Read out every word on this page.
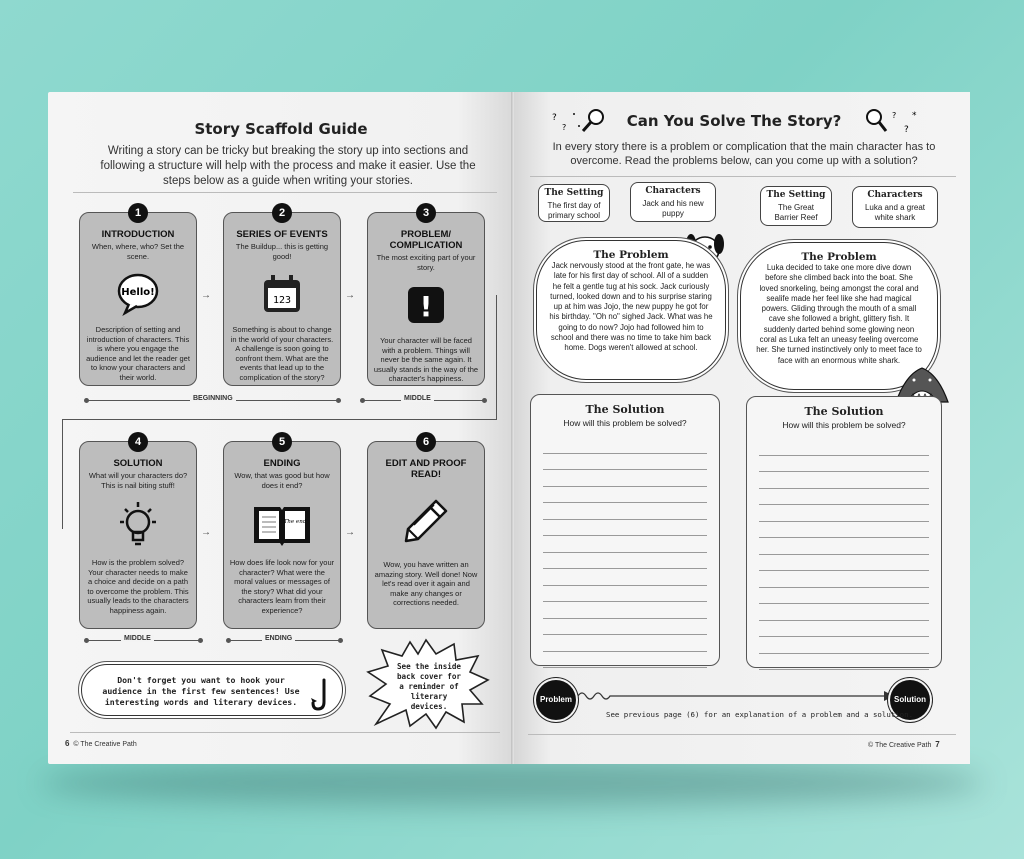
Story Scaffold Guide
Writing a story can be tricky but breaking the story up into sections and following a structure will help with the process and make it easier. Use the steps below as a guide when writing your stories.
1
INTRODUCTION
When, where, who? Set the scene.
Hello!
Description of setting and introduction of characters. This is where you engage the audience and let the reader get to know your characters and their world.
→
2
SERIES OF EVENTS
The Buildup... this is getting good!
123
Something is about to change in the world of your characters. A challenge is soon going to confront them. What are the events that lead up to the complication of the story?
→
3
PROBLEM/ COMPLICATION
The most exciting part of your story.
!
Your character will be faced with a problem. Things will never be the same again. It usually stands in the way of the character's happiness.
BEGINNING	MIDDLE
4
SOLUTION
What will your characters do? This is nail biting stuff!
How is the problem solved? Your character needs to make a choice and decide on a path to overcome the problem. This usually leads to the characters happiness again.
→
5
ENDING
Wow, that was good but how does it end?
The end
How does life look now for your character? What were the moral values or messages of the story? What did your characters learn from their experience?
→
6
EDIT AND PROOF READ!
Wow, you have written an amazing story. Well done! Now let's read over it again and make any changes or corrections needed.
MIDDLE	ENDING
Don't forget you want to hook your audience in the first few sentences! Use interesting words and literary devices.
See the inside back cover for a reminder of literary devices.
6 © The Creative Path
?
?	Can You Solve The Story?	?
?
*
In every story there is a problem or complication that the main character has to overcome. Read the problems below, can you come up with a solution?
The Setting
The first day of primary school
Characters
Jack and his new puppy
The Problem
Jack nervously stood at the front gate, he was late for his first day of school. All of a sudden he felt a gentle tug at his sock. Jack curiously turned, looked down and to his surprise staring up at him was Jojo, the new puppy he got for his birthday. "Oh no" sighed Jack. What was he going to do now? Jojo had followed him to school and there was no time to take him back home. Dogs weren't allowed at school.
The Solution
How will this problem be solved?
The Setting
The Great Barrier Reef
Characters
Luka and a great white shark
The Problem
Luka decided to take one more dive down before she climbed back into the boat. She loved snorkeling, being amongst the coral and sealife made her feel like she had magical powers. Gliding through the mouth of a small cave she followed a bright, glittery fish. It suddenly darted behind some glowing neon coral as Luka felt an uneasy feeling overcome her. She turned instinctively only to meet face to face with an enormous white shark.
The Solution
How will this problem be solved?
Problem	Solution
See previous page (6) for an explanation of a problem and a solution.
© The Creative Path 7
